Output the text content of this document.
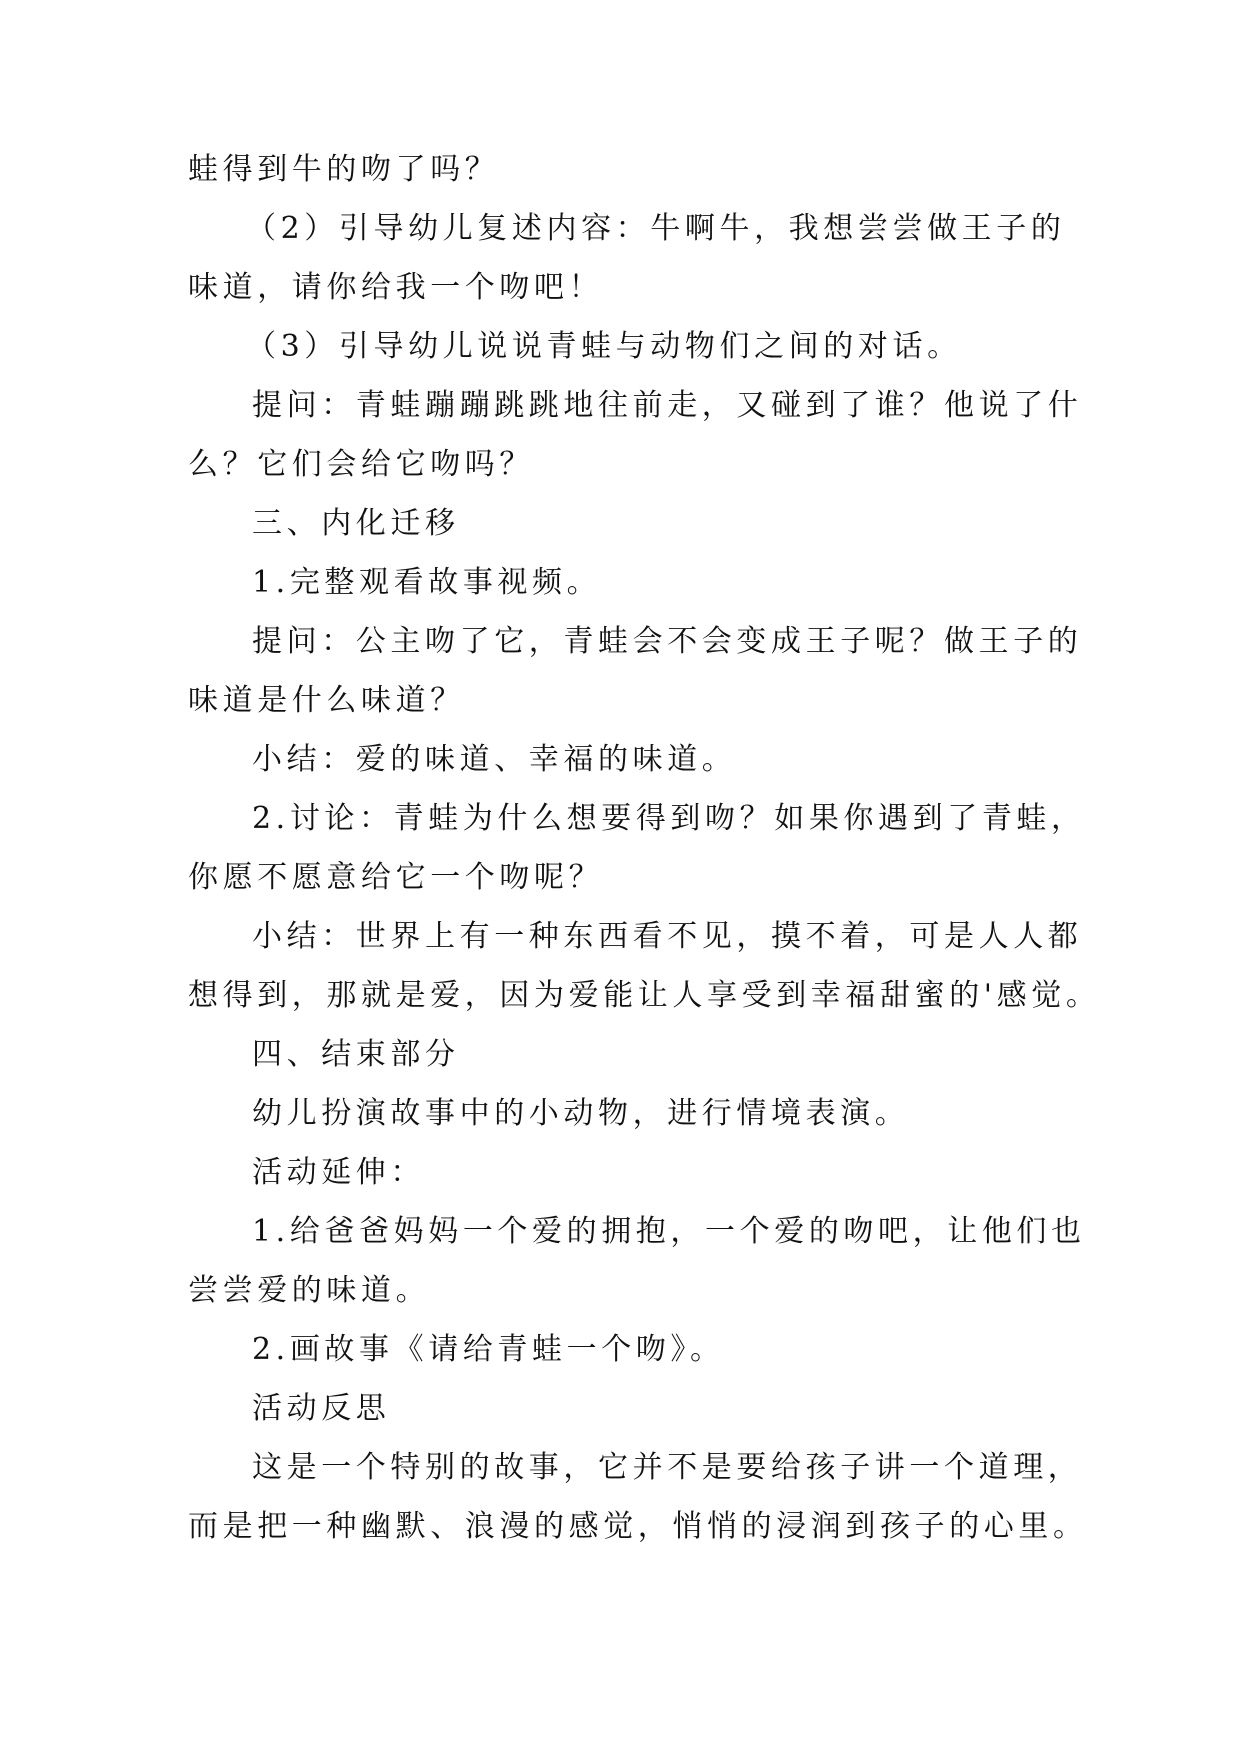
蛙得到牛的吻了吗？
（2）引导幼儿复述内容：牛啊牛，我想尝尝做王子的
味道，请你给我一个吻吧！
（3）引导幼儿说说青蛙与动物们之间的对话。
提问：青蛙蹦蹦跳跳地往前走，又碰到了谁？他说了什
么？它们会给它吻吗？
三、内化迁移
1.完整观看故事视频。
提问：公主吻了它，青蛙会不会变成王子呢？做王子的
味道是什么味道？
小结：爱的味道、幸福的味道。
2.讨论：青蛙为什么想要得到吻？如果你遇到了青蛙，
你愿不愿意给它一个吻呢？
小结：世界上有一种东西看不见，摸不着，可是人人都
想得到，那就是爱，因为爱能让人享受到幸福甜蜜的'感觉。
四、结束部分
幼儿扮演故事中的小动物，进行情境表演。
活动延伸：
1.给爸爸妈妈一个爱的拥抱，一个爱的吻吧，让他们也
尝尝爱的味道。
2.画故事《请给青蛙一个吻》。
活动反思
这是一个特别的故事，它并不是要给孩子讲一个道理，
而是把一种幽默、浪漫的感觉，悄悄的浸润到孩子的心里。
